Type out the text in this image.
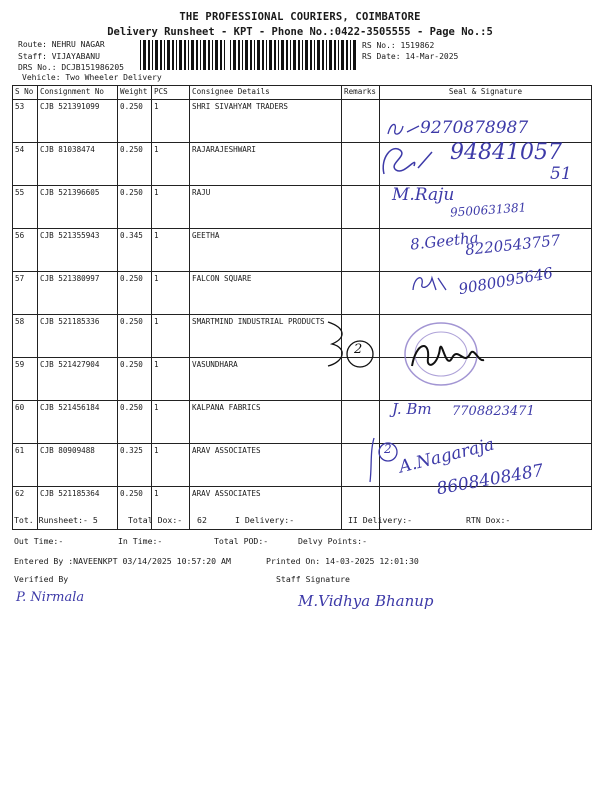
THE PROFESSIONAL COURIERS, COIMBATORE
Delivery Runsheet - KPT - Phone No.:0422-3505555 - Page No.:5
Route: NEHRU NAGAR
Staff: VIJAYABANU
DRS No.: DCJB151986205
Vehicle: Two Wheeler Delivery
RS No.: 1519862
RS Date: 14-Mar-2025
S No	Consignment No	Weight	PCS	Consignee Details	Remarks	Seal & Signature
53	CJB 521391099	0.250	1	SHRI SIVAHYAM TRADERS		
54	CJB 81038474	0.250	1	RAJARAJESHWARI		
55	CJB 521396605	0.250	1	RAJU		
56	CJB 521355943	0.345	1	GEETHA		
57	CJB 521380997	0.250	1	FALCON SQUARE		
58	CJB 521185336	0.250	1	SMARTMIND INDUSTRIAL PRODUCTS		
59	CJB 521427904	0.250	1	VASUNDHARA		
60	CJB 521456184	0.250	1	KALPANA FABRICS		
61	CJB 80909488	0.325	1	ARAV ASSOCIATES		
62	CJB 521185364	0.250	1	ARAV ASSOCIATES		
9270878987
94841057
51
M.Raju
9500631381
8.Geetha
8220543757
9080095646
2
J. Bm 7708823471
2 A.Nagaraja
8608408487
Tot. Runsheet:- 5	Total Dox:- 62	I Delivery:-	II Delivery:-	RTN Dox:-
Out Time:-	In Time:-	Total POD:-	Delvy Points:-
Entered By :NAVEENKPT 03/14/2025 10:57:20 AM	Printed On: 14-03-2025 12:01:30
Verified By	Staff Signature
P. Nirmala	M.Vidhya Bhanup
